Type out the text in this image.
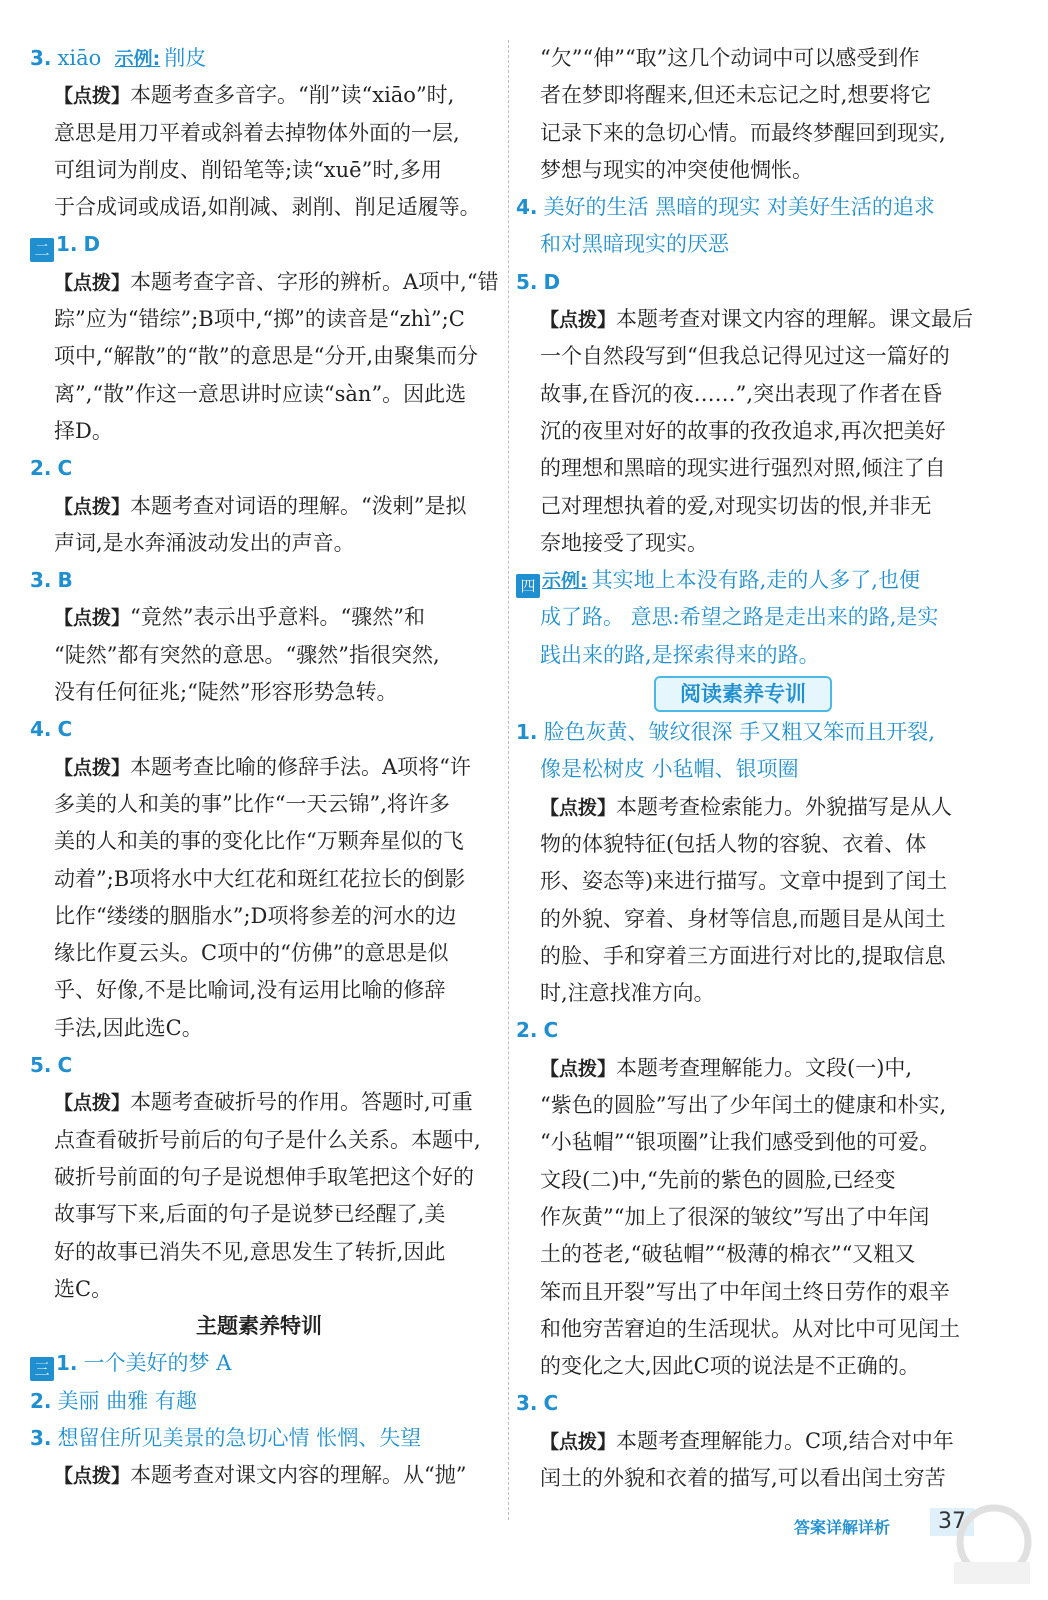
3. xiāo 示例: 削皮
【点拨】本题考查多音字。“削”读“xiāo”时,
意思是用刀平着或斜着去掉物体外面的一层,
可组词为削皮、削铅笔等;读“xuē”时,多用
于合成词或成语,如削减、剥削、削足适履等。
二 1. D
【点拨】本题考查字音、字形的辨析。A项中,“错
踪”应为“错综”;B项中,“掷”的读音是“zhì”;C
项中,“解散”的“散”的意思是“分开,由聚集而分
离”,“散”作这一意思讲时应读“sàn”。因此选
择D。
2. C
【点拨】本题考查对词语的理解。“泼剌”是拟
声词,是水奔涌波动发出的声音。
3. B
【点拨】“竟然”表示出乎意料。“骤然”和
“陡然”都有突然的意思。“骤然”指很突然,
没有任何征兆;“陡然”形容形势急转。
4. C
【点拨】本题考查比喻的修辞手法。A项将“许
多美的人和美的事”比作“一天云锦”,将许多
美的人和美的事的变化比作“万颗奔星似的飞
动着”;B项将水中大红花和斑红花拉长的倒影
比作“缕缕的胭脂水”;D项将参差的河水的边
缘比作夏云头。C项中的“仿佛”的意思是似
乎、好像,不是比喻词,没有运用比喻的修辞
手法,因此选C。
5. C
【点拨】本题考查破折号的作用。答题时,可重
点查看破折号前后的句子是什么关系。本题中,
破折号前面的句子是说想伸手取笔把这个好的
故事写下来,后面的句子是说梦已经醒了,美
好的故事已消失不见,意思发生了转折,因此
选C。
主题素养特训
三 1. 一个美好的梦 A
2. 美丽 曲雅 有趣
3. 想留住所见美景的急切心情 怅惘、失望
【点拨】本题考查对课文内容的理解。从“抛”
“欠”“伸”“取”这几个动词中可以感受到作
者在梦即将醒来,但还未忘记之时,想要将它
记录下来的急切心情。而最终梦醒回到现实,
梦想与现实的冲突使他惆怅。
4. 美好的生活 黑暗的现实 对美好生活的追求
和对黑暗现实的厌恶
5. D
【点拨】本题考查对课文内容的理解。课文最后
一个自然段写到“但我总记得见过这一篇好的
故事,在昏沉的夜……”,突出表现了作者在昏
沉的夜里对好的故事的孜孜追求,再次把美好
的理想和黑暗的现实进行强烈对照,倾注了自
己对理想执着的爱,对现实切齿的恨,并非无
奈地接受了现实。
四 示例: 其实地上本没有路,走的人多了,也便
成了路。 意思:希望之路是走出来的路,是实
践出来的路,是探索得来的路。
阅读素养专训
1. 脸色灰黄、皱纹很深 手又粗又笨而且开裂,
像是松树皮 小毡帽、银项圈
【点拨】本题考查检索能力。外貌描写是从人
物的体貌特征(包括人物的容貌、衣着、体
形、姿态等)来进行描写。文章中提到了闰土
的外貌、穿着、身材等信息,而题目是从闰土
的脸、手和穿着三方面进行对比的,提取信息
时,注意找准方向。
2. C
【点拨】本题考查理解能力。文段(一)中,
“紫色的圆脸”写出了少年闰土的健康和朴实,
“小毡帽”“银项圈”让我们感受到他的可爱。
文段(二)中,“先前的紫色的圆脸,已经变
作灰黄”“加上了很深的皱纹”写出了中年闰
土的苍老,“破毡帽”“极薄的棉衣”“又粗又
笨而且开裂”写出了中年闰土终日劳作的艰辛
和他穷苦窘迫的生活现状。从对比中可见闰土
的变化之大,因此C项的说法是不正确的。
3. C
【点拨】本题考查理解能力。C项,结合对中年
闰土的外貌和衣着的描写,可以看出闰土穷苦
答案详解详析	37
